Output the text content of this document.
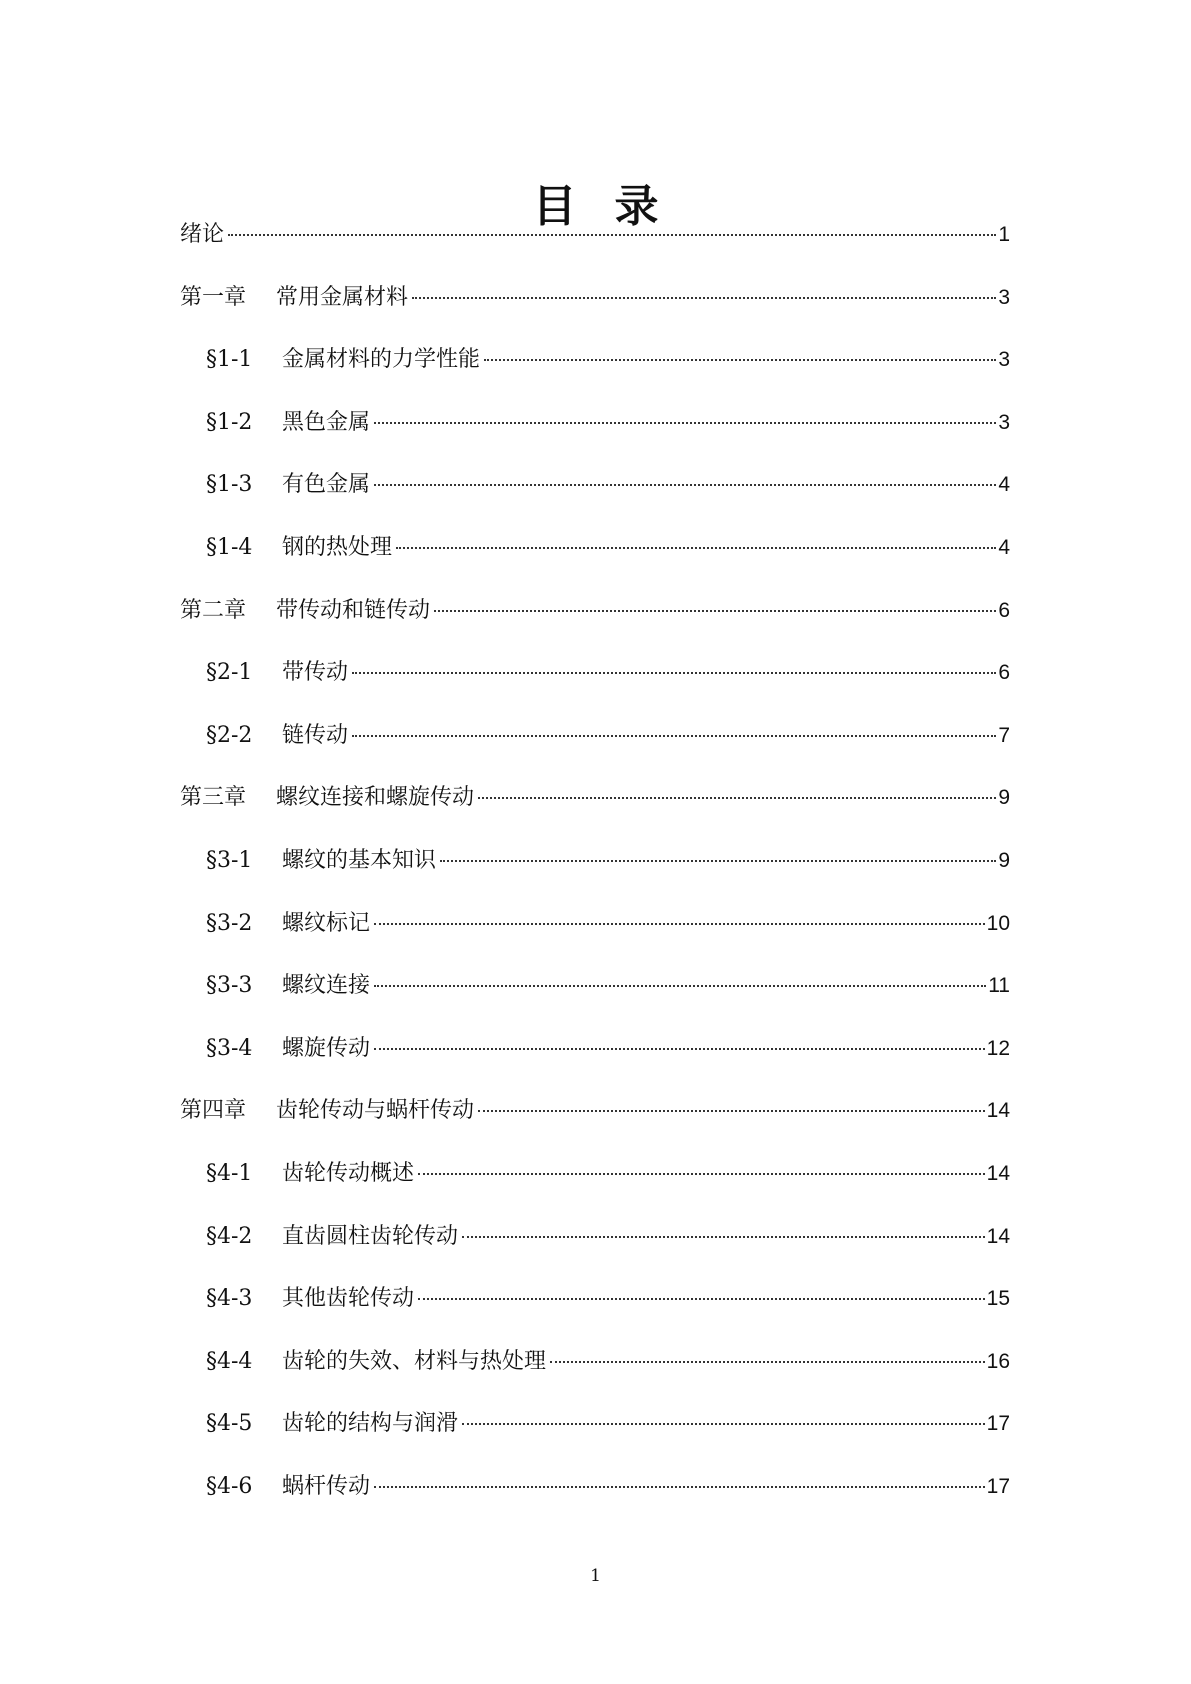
目录
绪论	1
第一章	常用金属材料	3
§1-1	金属材料的力学性能	3
§1-2	黑色金属	3
§1-3	有色金属	4
§1-4	钢的热处理	4
第二章	带传动和链传动	6
§2-1	带传动	6
§2-2	链传动	7
第三章	螺纹连接和螺旋传动	9
§3-1	螺纹的基本知识	9
§3-2	螺纹标记	10
§3-3	螺纹连接	11
§3-4	螺旋传动	12
第四章	齿轮传动与蜗杆传动	14
§4-1	齿轮传动概述	14
§4-2	直齿圆柱齿轮传动	14
§4-3	其他齿轮传动	15
§4-4	齿轮的失效、材料与热处理	16
§4-5	齿轮的结构与润滑	17
§4-6	蜗杆传动	17
1
